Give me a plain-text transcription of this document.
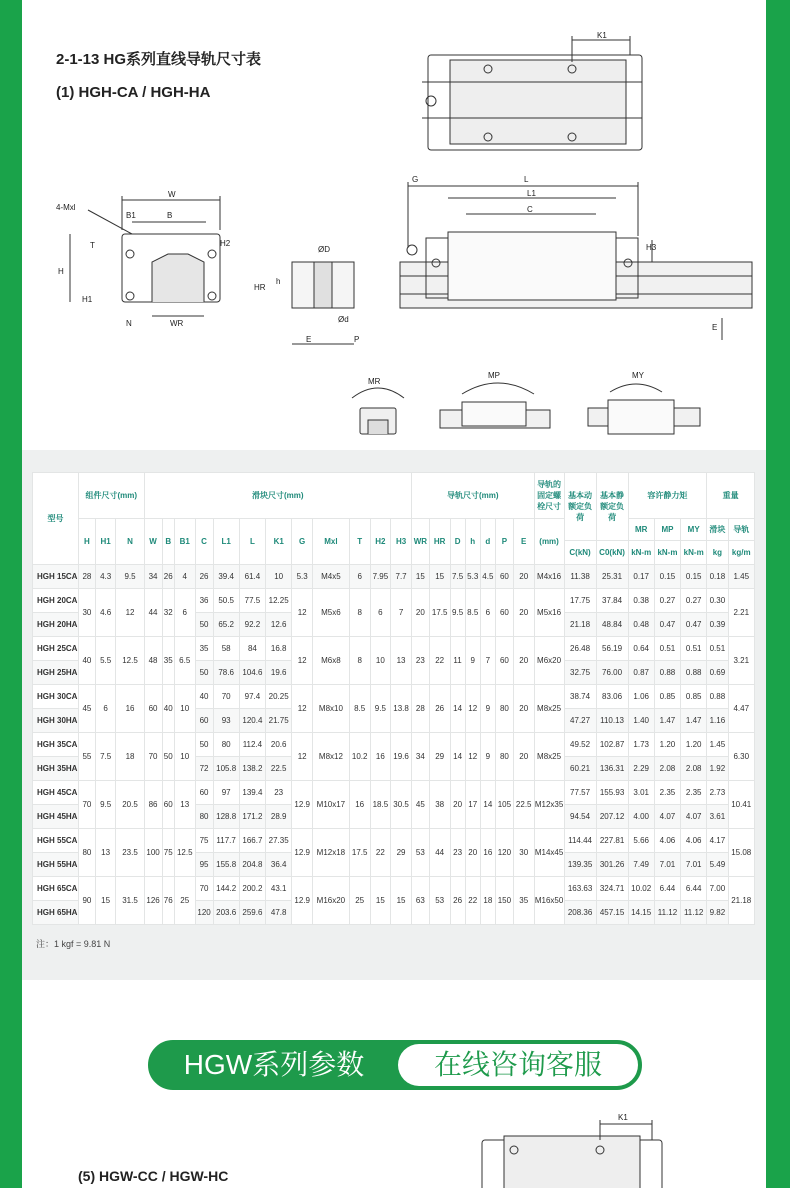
2-1-13 HG系列直线导轨尺寸表
(1) HGH-CA / HGH-HA
K1
W
B1	B
4-Mxl
T
H
H1
H2
N	WR
G	L
L1
C
ØD	H3
HR
h
Ød
E	P
E
MR
MP	MY
型号	组件尺寸(mm)			滑块尺寸(mm)												导轨尺寸(mm)							导轨的固定螺栓尺寸	基本动额定负荷	基本静额定负荷	容许静力矩			重量	
	H	H1	N	W	B	B1	C	L1	L	K1	G	Mxl	T	H2	H3	WR	HR	D	h	d	P	E	(mm)			MR	MP	MY	滑块	导轨
																								C(kN)	C0(kN)	kN-m	kN-m	kN-m	kg	kg/m
HGH 15CA	28	4.3	9.5	34	26	4	26	39.4	61.4	10	5.3	M4x5	6	7.95	7.7	15	15	7.5	5.3	4.5	60	20	M4x16	11.38	25.31	0.17	0.15	0.15	0.18	1.45
HGH 20CA	30	4.6	12	44	32	6	36	50.5	77.5	12.25	12	M5x6	8	6	7	20	17.5	9.5	8.5	6	60	20	M5x16	17.75	37.84	0.38	0.27	0.27	0.30	2.21
HGH 20HA							50	65.2	92.2	12.6														21.18	48.84	0.48	0.47	0.47	0.39	
HGH 25CA	40	5.5	12.5	48	35	6.5	35	58	84	16.8	12	M6x8	8	10	13	23	22	11	9	7	60	20	M6x20	26.48	56.19	0.64	0.51	0.51	0.51	3.21
HGH 25HA							50	78.6	104.6	19.6														32.75	76.00	0.87	0.88	0.88	0.69	
HGH 30CA	45	6	16	60	40	10	40	70	97.4	20.25	12	M8x10	8.5	9.5	13.8	28	26	14	12	9	80	20	M8x25	38.74	83.06	1.06	0.85	0.85	0.88	4.47
HGH 30HA							60	93	120.4	21.75														47.27	110.13	1.40	1.47	1.47	1.16	
HGH 35CA	55	7.5	18	70	50	10	50	80	112.4	20.6	12	M8x12	10.2	16	19.6	34	29	14	12	9	80	20	M8x25	49.52	102.87	1.73	1.20	1.20	1.45	6.30
HGH 35HA							72	105.8	138.2	22.5														60.21	136.31	2.29	2.08	2.08	1.92	
HGH 45CA	70	9.5	20.5	86	60	13	60	97	139.4	23	12.9	M10x17	16	18.5	30.5	45	38	20	17	14	105	22.5	M12x35	77.57	155.93	3.01	2.35	2.35	2.73	10.41
HGH 45HA							80	128.8	171.2	28.9														94.54	207.12	4.00	4.07	4.07	3.61	
HGH 55CA	80	13	23.5	100	75	12.5	75	117.7	166.7	27.35	12.9	M12x18	17.5	22	29	53	44	23	20	16	120	30	M14x45	114.44	227.81	5.66	4.06	4.06	4.17	15.08
HGH 55HA							95	155.8	204.8	36.4														139.35	301.26	7.49	7.01	7.01	5.49	
HGH 65CA	90	15	31.5	126	76	25	70	144.2	200.2	43.1	12.9	M16x20	25	15	15	63	53	26	22	18	150	35	M16x50	163.63	324.71	10.02	6.44	6.44	7.00	21.18
HGH 65HA							120	203.6	259.6	47.8														208.36	457.15	14.15	11.12	11.12	9.82	
注：1 kgf = 9.81 N
HGW系列参数	在线咨询客服
K1
(5) HGW-CC / HGW-HC
